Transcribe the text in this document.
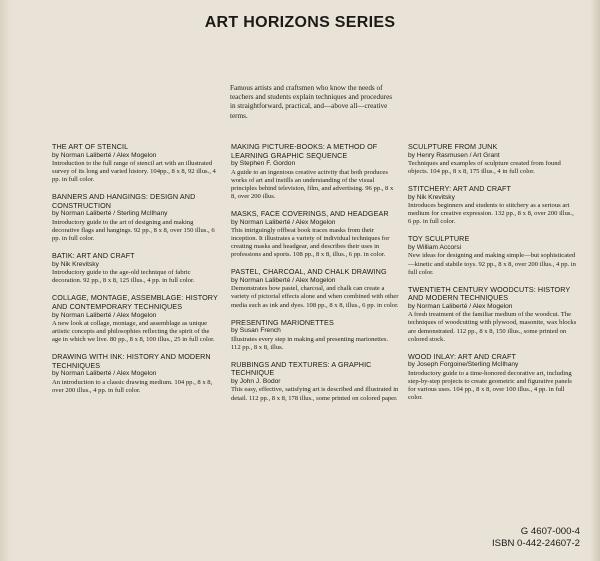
ART HORIZONS SERIES
Famous artists and craftsmen who know the needs of teachers and students explain techniques and procedures in straightforward, practical, and—above all—creative terms.
THE ART OF STENCIL
by Norman Laliberté / Alex Mogelon
Introduction to the full range of stencil art with an illustrated survey of its long and varied history. 104pp., 8 x 8, 92 illus., 4 pp. in full color.
BANNERS AND HANGINGS: DESIGN AND CONSTRUCTION
by Norman Laliberté / Sterling McIlhany
Introductory guide to the art of designing and making decorative flags and hangings. 92 pp., 8 x 8, over 150 illus., 6 pp. in full color.
BATIK: ART AND CRAFT
by Nik Krevitsky
Introductory guide to the age-old technique of fabric decoration. 92 pp., 8 x 8, 125 illus., 4 pp. in full color.
COLLAGE, MONTAGE, ASSEMBLAGE: HISTORY AND CONTEMPORARY TECHNIQUES
by Norman Laliberté / Alex Mogelon
A new look at collage, montage, and assemblage as unique artistic concepts and philosophies reflecting the spirit of the age in which we live. 80 pp., 8 x 8, 100 illus., 25 in full color.
DRAWING WITH INK: HISTORY AND MODERN TECHNIQUES
by Norman Laliberté / Alex Mogelon
An introduction to a classic drawing medium. 104 pp., 8 x 8, over 200 illus., 4 pp. in full color.
MAKING PICTURE-BOOKS: A METHOD OF LEARNING GRAPHIC SEQUENCE
by Stephen F. Gordon
A guide to an ingenious creative activity that both produces works of art and instills an understanding of the visual principles behind television, film, and advertising. 96 pp., 8 x 8, over 200 illus.
MASKS, FACE COVERINGS, AND HEADGEAR
by Norman Laliberté / Alex Mogelon
This intriguingly offbeat book traces masks from their inception. It illustrates a variety of individual techniques for creating masks and headgear, and describes their uses in professions and sports. 108 pp., 8 x 8, illus., 6 pp. in color.
PASTEL, CHARCOAL, AND CHALK DRAWING
by Norman Laliberté / Alex Mogelon
Demonstrates how pastel, charcoal, and chalk can create a variety of pictorial effects alone and when combined with other media such as ink and dyes. 108 pp., 8 x 8, illus., 6 pp. in color.
PRESENTING MARIONETTES
by Susan French
Illustrates every step in making and presenting marionettes. 112 pp., 8 x 8, illus.
RUBBINGS AND TEXTURES: A GRAPHIC TECHNIQUE
by John J. Bodor
This easy, effective, satisfying art is described and illustrated in detail. 112 pp., 8 x 8, 178 illus., some printed on colored paper.
SCULPTURE FROM JUNK
by Henry Rasmusen / Art Grant
Techniques and examples of sculpture created from found objects. 104 pp., 8 x 8, 175 illus., 4 in full color.
STITCHERY: ART AND CRAFT
by Nik Krevitsky
Introduces beginners and students to stitchery as a serious art medium for creative expression. 132 pp., 8 x 8, over 200 illus., 6 pp. in full color.
TOY SCULPTURE
by William Accorsi
New ideas for designing and making simple—but sophisticated—kinetic and stabile toys. 92 pp., 8 x 8, over 200 illus., 4 pp. in full color.
TWENTIETH CENTURY WOODCUTS: HISTORY AND MODERN TECHNIQUES
by Norman Laliberté / Alex Mogelon
A fresh treatment of the familiar medium of the woodcut. The techniques of woodcutting with plywood, masonite, wax blocks are demonstrated. 112 pp., 8 x 8, 150 illus., some printed on colored stock.
WOOD INLAY: ART AND CRAFT
by Joseph Forgoine/Sterling McIlhany
Introductory guide to a time-honored decorative art, including step-by-step projects to create geometric and figurative panels for various uses. 104 pp., 8 x 8, over 100 illus., 4 pp. in full color.
G 4607-000-4
ISBN 0-442-24607-2
